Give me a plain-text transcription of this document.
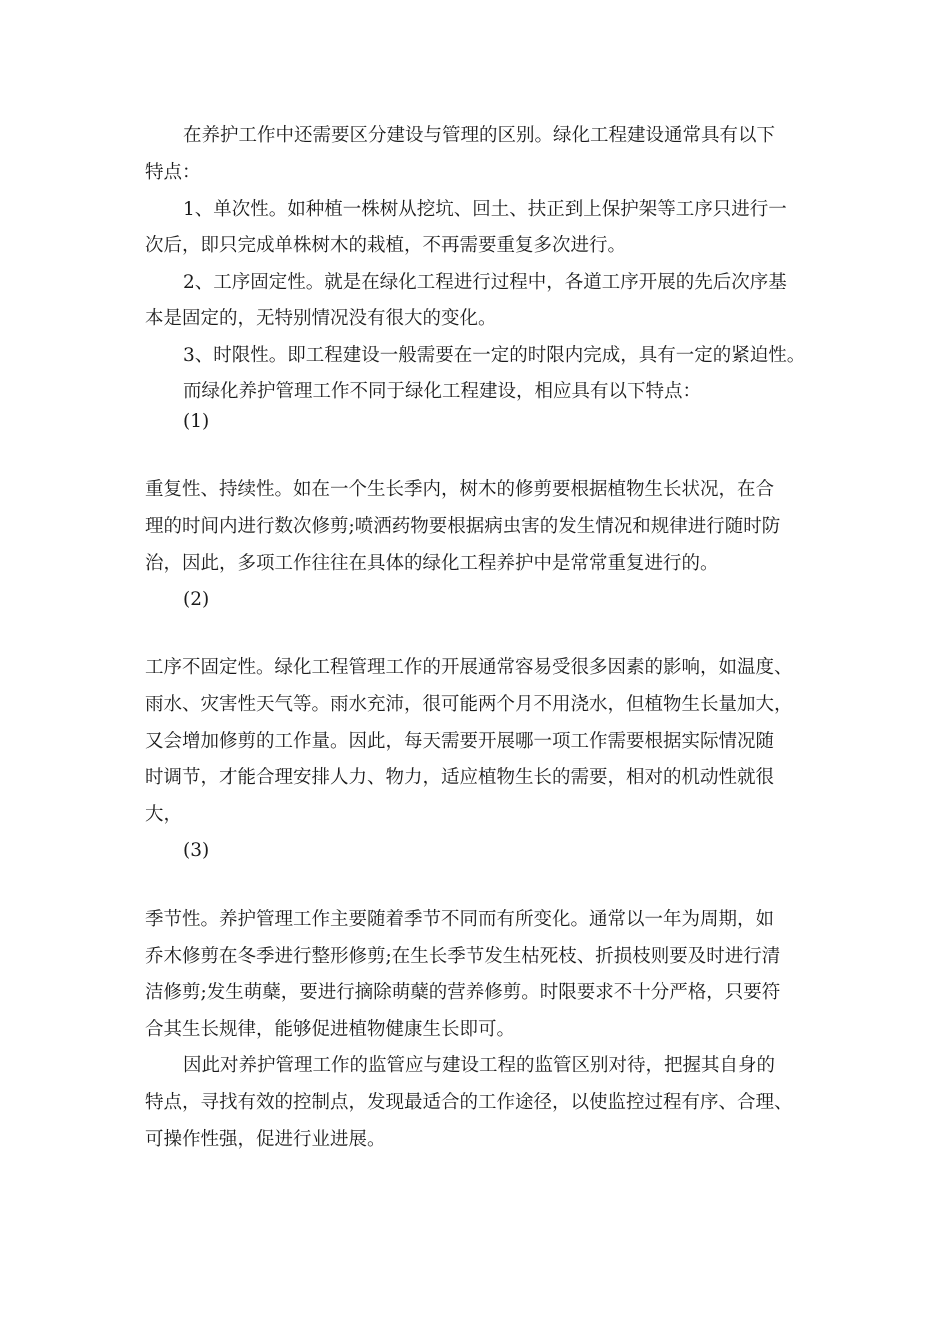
在养护工作中还需要区分建设与管理的区别。绿化工程建设通常具有以下

特点：

1、单次性。如种植一株树从挖坑、回土、扶正到上保护架等工序只进行一

次后，即只完成单株树木的栽植，不再需要重复多次进行。

2、工序固定性。就是在绿化工程进行过程中，各道工序开展的先后次序基

本是固定的，无特别情况没有很大的变化。

3、时限性。即工程建设一般需要在一定的时限内完成，具有一定的紧迫性。

而绿化养护管理工作不同于绿化工程建设，相应具有以下特点：

(1)

重复性、持续性。如在一个生长季内，树木的修剪要根据植物生长状况，在合

理的时间内进行数次修剪;喷洒药物要根据病虫害的发生情况和规律进行随时防

治，因此，多项工作往往在具体的绿化工程养护中是常常重复进行的。

(2)

工序不固定性。绿化工程管理工作的开展通常容易受很多因素的影响，如温度、

雨水、灾害性天气等。雨水充沛，很可能两个月不用浇水，但植物生长量加大，

又会增加修剪的工作量。因此，每天需要开展哪一项工作需要根据实际情况随

时调节，才能合理安排人力、物力，适应植物生长的需要，相对的机动性就很

大，

(3)

季节性。养护管理工作主要随着季节不同而有所变化。通常以一年为周期，如

乔木修剪在冬季进行整形修剪;在生长季节发生枯死枝、折损枝则要及时进行清

洁修剪;发生萌蘖，要进行摘除萌蘖的营养修剪。时限要求不十分严格，只要符

合其生长规律，能够促进植物健康生长即可。

因此对养护管理工作的监管应与建设工程的监管区别对待，把握其自身的

特点，寻找有效的控制点，发现最适合的工作途径，以使监控过程有序、合理、

可操作性强，促进行业进展。
